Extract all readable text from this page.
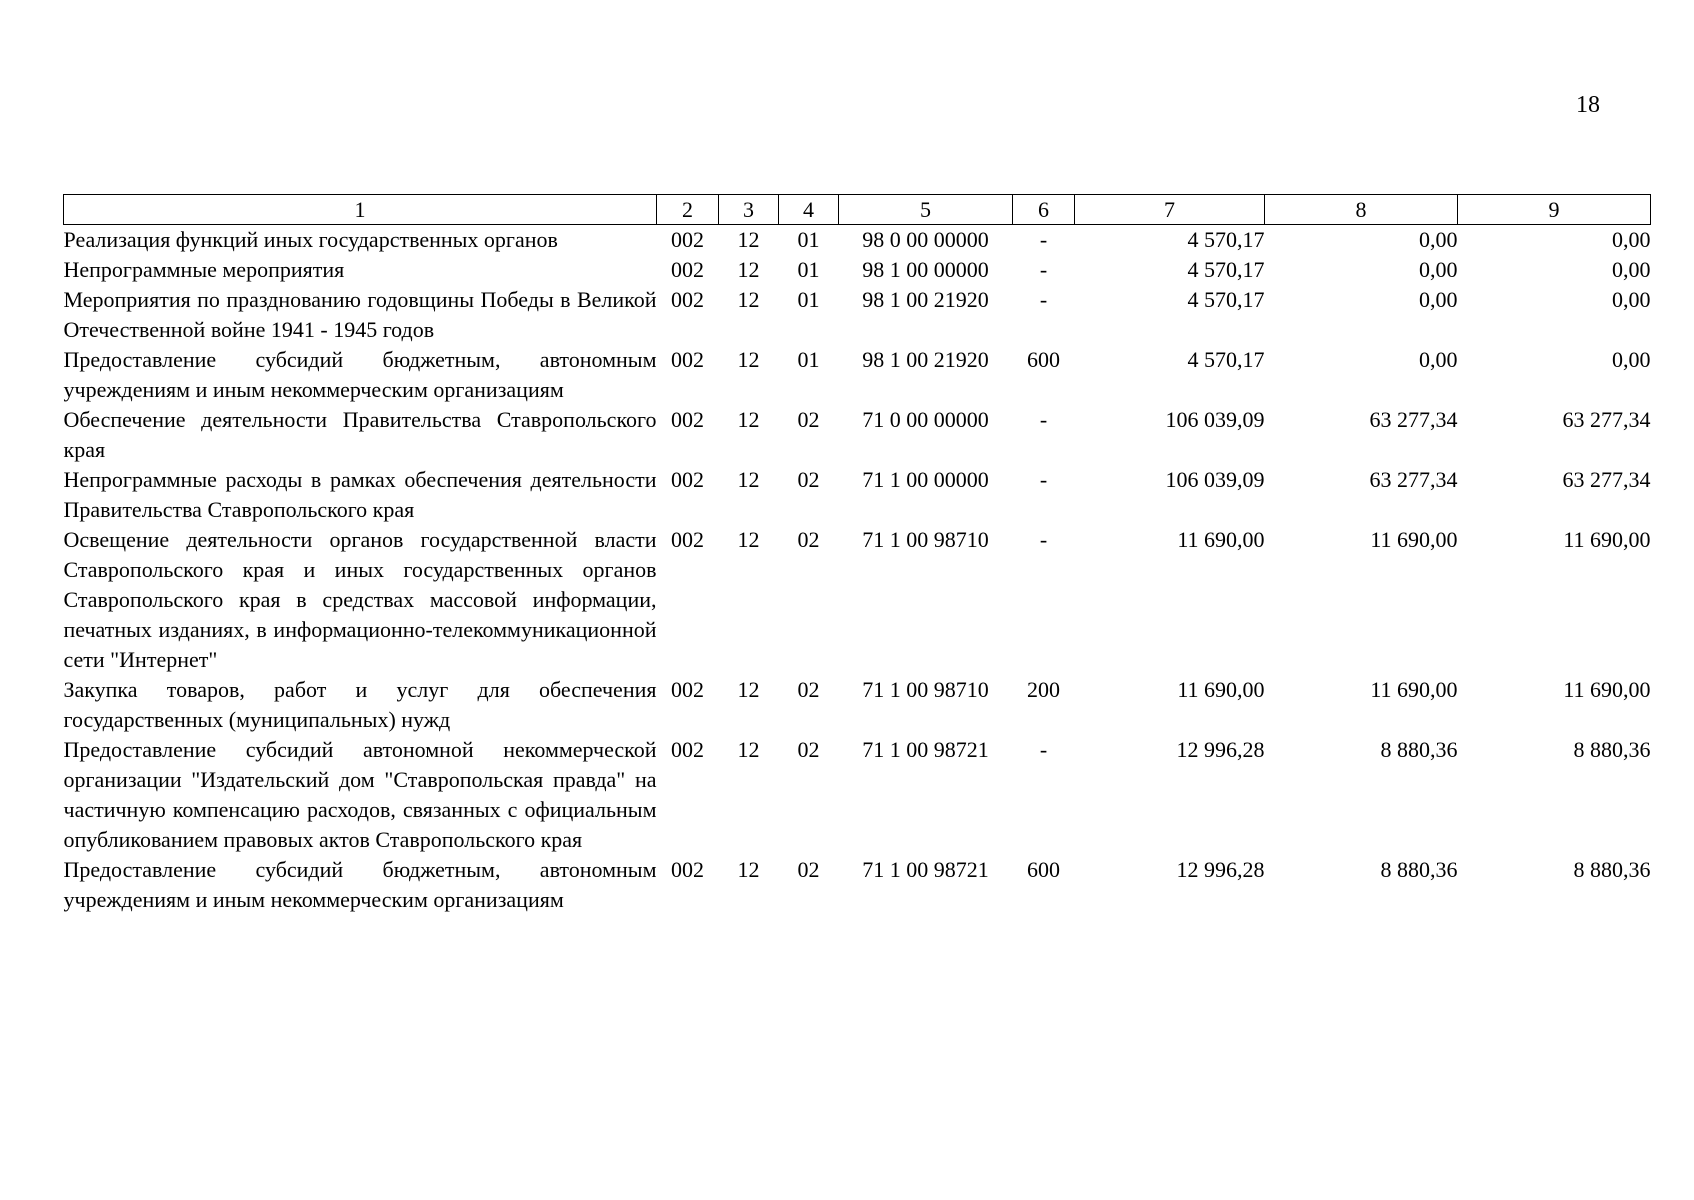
18
1	2	3	4	5	6	7	8	9
Реализация функций иных государственных органов	002	12	01	98 0 00 00000	-	4 570,17	0,00	0,00
Непрограммные мероприятия	002	12	01	98 1 00 00000	-	4 570,17	0,00	0,00
Мероприятия по празднованию годовщины Победы в Великой Отечественной войне 1941 - 1945 годов	002	12	01	98 1 00 21920	-	4 570,17	0,00	0,00
Предоставление субсидий бюджетным, автономным учреждениям и иным некоммерческим организациям	002	12	01	98 1 00 21920	600	4 570,17	0,00	0,00
Обеспечение деятельности Правительства Ставропольского края	002	12	02	71 0 00 00000	-	106 039,09	63 277,34	63 277,34
Непрограммные расходы в рамках обеспечения деятельности Правительства Ставропольского края	002	12	02	71 1 00 00000	-	106 039,09	63 277,34	63 277,34
Освещение деятельности органов государственной власти Ставропольского края и иных государственных органов Ставропольского края в средствах массовой информации, печатных изданиях, в информационно-телекоммуникационной сети "Интернет"	002	12	02	71 1 00 98710	-	11 690,00	11 690,00	11 690,00
Закупка товаров, работ и услуг для обеспечения государственных (муниципальных) нужд	002	12	02	71 1 00 98710	200	11 690,00	11 690,00	11 690,00
Предоставление субсидий автономной некоммерческой организации "Издательский дом "Ставропольская правда" на частичную компенсацию расходов, связанных с официальным опубликованием правовых актов Ставропольского края	002	12	02	71 1 00 98721	-	12 996,28	8 880,36	8 880,36
Предоставление субсидий бюджетным, автономным учреждениям и иным некоммерческим организациям	002	12	02	71 1 00 98721	600	12 996,28	8 880,36	8 880,36
